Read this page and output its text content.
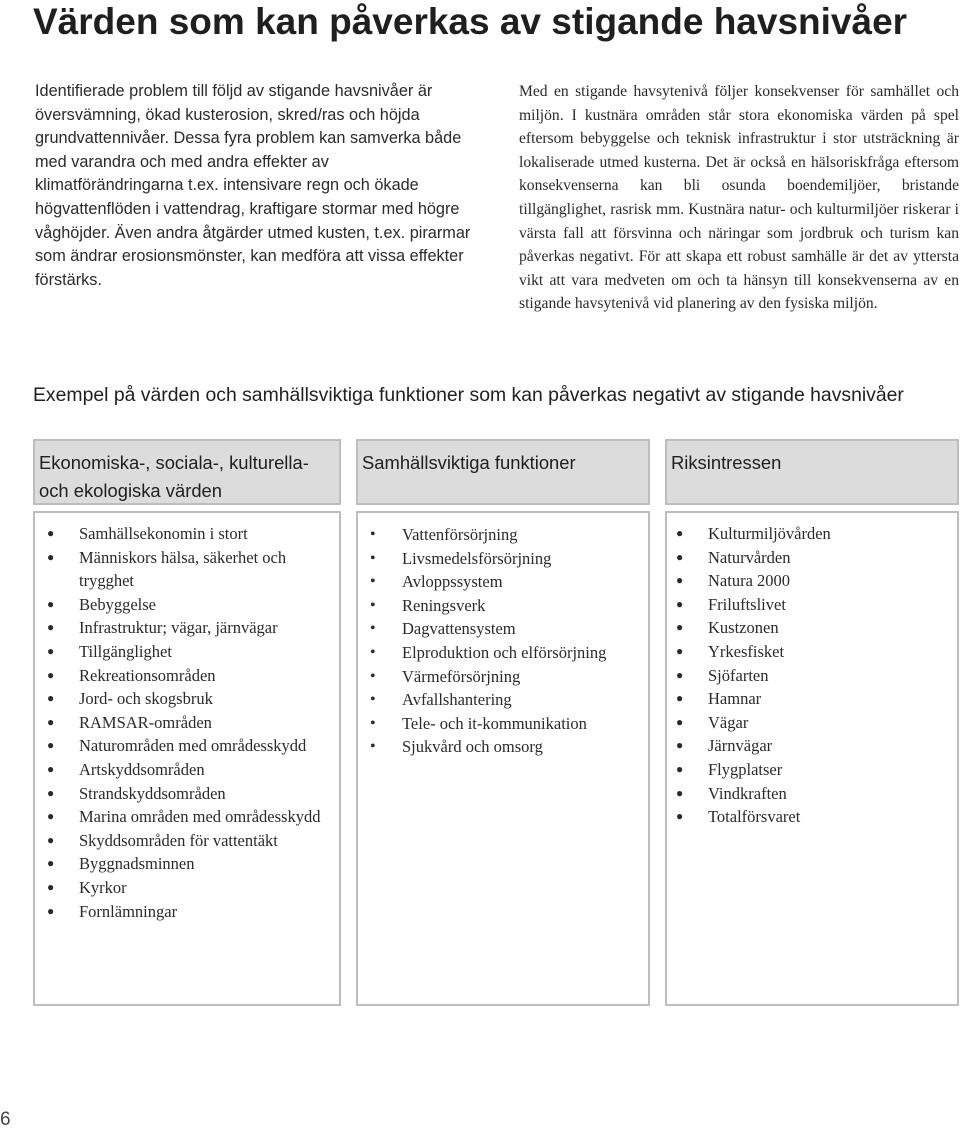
Värden som kan påverkas av stigande havsnivåer
Identifierade problem till följd av stigande havsnivåer är översvämning, ökad kusterosion, skred/ras och höjda grundvattennivåer. Dessa fyra problem kan samverka både med varandra och med andra effekter av klimatförändringarna t.ex. intensivare regn och ökade högvattenflöden i vattendrag, kraftigare stormar med högre våghöjder. Även andra åtgärder utmed kusten, t.ex. pirarmar som ändrar erosionsmönster, kan medföra att vissa effekter förstärks.
Med en stigande havsytenivå följer konsekvenser för samhället och miljön. I kustnära områden står stora ekonomiska värden på spel eftersom bebyggelse och teknisk infrastruktur i stor utsträckning är lokaliserade utmed kusterna. Det är också en hälsoriskfråga eftersom konsekvenserna kan bli osunda boendemiljöer, bristande tillgänglighet, rasrisk mm. Kustnära natur- och kulturmiljöer riskerar i värsta fall att försvinna och näringar som jordbruk och turism kan påverkas negativt. För att skapa ett robust samhälle är det av yttersta vikt att vara medveten om och ta hänsyn till konsekvenserna av en stigande havsytenivå vid planering av den fysiska miljön.
Exempel på värden och samhällsviktiga funktioner som kan påverkas negativt av stigande havsnivåer
Ekonomiska-, sociala-, kulturella- och ekologiska värden
●
Samhällsekonomin i stort
●
Människors hälsa, säkerhet och trygghet
●
Bebyggelse
●
Infrastruktur; vägar, järnvägar
●
Tillgänglighet
●
Rekreationsområden
●
Jord- och skogsbruk
●
RAMSAR-områden
●
Naturområden med områdesskydd
●
Artskyddsområden
●
Strandskyddsområden
●
Marina områden med områdesskydd
●
Skyddsområden för vattentäkt
●
Byggnadsminnen
●
Kyrkor
●
Fornlämningar
Samhällsviktiga funktioner
•
Vattenförsörjning
•
Livsmedelsförsörjning
•
Avloppssystem
•
Reningsverk
•
Dagvattensystem
•
Elproduktion och elförsörjning
•
Värmeförsörjning
•
Avfallshantering
•
Tele- och it-kommunikation
•
Sjukvård och omsorg
Riksintressen
●
Kulturmiljövården
●
Naturvården
●
Natura 2000
●
Friluftslivet
●
Kustzonen
●
Yrkesfisket
●
Sjöfarten
●
Hamnar
●
Vägar
●
Järnvägar
●
Flygplatser
●
Vindkraften
●
Totalförsvaret
6
